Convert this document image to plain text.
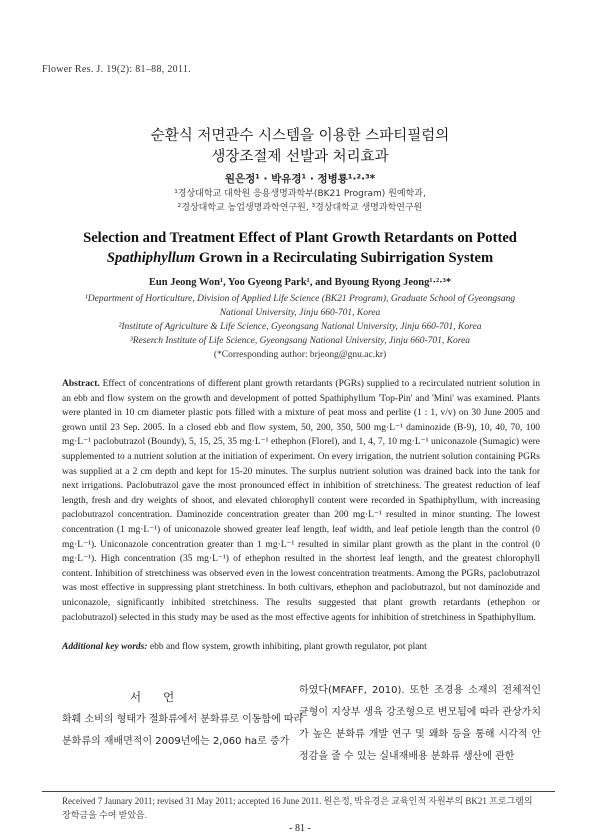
Flower Res. J. 19(2): 81–88, 2011.
순환식 저면관수 시스템을 이용한 스파티필럼의
생장조절제 선발과 처리효과
원은정¹ · 박유경¹ · 정병룡¹·²·³*
¹경상대학교 대학원 응용생명과학부(BK21 Program) 원예학과,
²경상대학교 농업생명과학연구원, ³경상대학교 생명과학연구원
Selection and Treatment Effect of Plant Growth Retardants on Potted
Spathiphyllum Grown in a Recirculating Subirrigation System
Eun Jeong Won¹, Yoo Gyeong Park¹, and Byoung Ryong Jeong¹·²·³*
¹Department of Horticulture, Division of Applied Life Science (BK21 Program), Graduate School of Gyeongsang
National University, Jinju 660-701, Korea
²Institute of Agriculture & Life Science, Gyeongsang National University, Jinju 660-701, Korea
³Reserch Institute of Life Science, Gyeongsang National University, Jinju 660-701, Korea
(*Corresponding author: brjeong@gnu.ac.kr)
Abstract. Effect of concentrations of different plant growth retardants (PGRs) supplied to a recirculated nutrient solution in an ebb and flow system on the growth and development of potted Spathiphyllum 'Top-Pin' and 'Mini' was examined. Plants were planted in 10 cm diameter plastic pots filled with a mixture of peat moss and perlite (1 : 1, v/v) on 30 June 2005 and grown until 23 Sep. 2005. In a closed ebb and flow system, 50, 200, 350, 500 mg·L⁻¹ daminozide (B-9), 10, 40, 70, 100 mg·L⁻¹ paclobutrazol (Boundy), 5, 15, 25, 35 mg·L⁻¹ ethephon (Florel), and 1, 4, 7, 10 mg·L⁻¹ uniconazole (Sumagic) were supplemented to a nutrient solution at the initiation of experiment. On every irrigation, the nutrient solution containing PGRs was supplied at a 2 cm depth and kept for 15-20 minutes. The surplus nutrient solution was drained back into the tank for next irrigations. Paclobutrazol gave the most pronounced effect in inhibition of stretchiness. The greatest reduction of leaf length, fresh and dry weights of shoot, and elevated chlorophyll content were recorded in Spathiphyllum, with increasing paclobutrazol concentration. Daminozide concentration greater than 200 mg·L⁻¹ resulted in minor stunting. The lowest concentration (1 mg·L⁻¹) of uniconazole showed greater leaf length, leaf width, and leaf petiole length than the control (0 mg·L⁻¹). Uniconazole concentration greater than 1 mg·L⁻¹ resulted in similar plant growth as the plant in the control (0 mg·L⁻¹). High concentration (35 mg·L⁻¹) of ethephon resulted in the shortest leaf length, and the greatest chlorophyll content. Inhibition of stretchiness was observed even in the lowest concentration treatments. Among the PGRs, paclobutrazol was most effective in suppressing plant stretchiness. In both cultivars, ethephon and paclobutrazol, but not daminozide and uniconazole, significantly inhibited stretchiness. The results suggested that plant growth retardants (ethephon or paclobutrazol) selected in this study may be used as the most effective agents for inhibition of stretchiness in Spathiphyllum.
Additional key words: ebb and flow system, growth inhibiting, plant growth regulator, pot plant
서언
화훼 소비의 형태가 절화류에서 분화류로 이동함에 따라 분화류의 재배면적이 2009년에는 2,060 ha로 증가
하였다(MFAFF, 2010). 또한 조경용 소재의 전체적인 균형이 지상부 생육 강조형으로 변모됨에 따라 관상가치가 높은 분화류 개발 연구 및 왜화 등을 통해 시각적 안정감을 줄 수 있는 실내재배용 분화류 생산에 관한
Received 7 Jaunary 2011; revised 31 May 2011; accepted 16 June 2011. 원은정, 박유경은 교육인적 자원부의 BK21 프로그램의 장학금을 수여 받았음.
- 81 -
